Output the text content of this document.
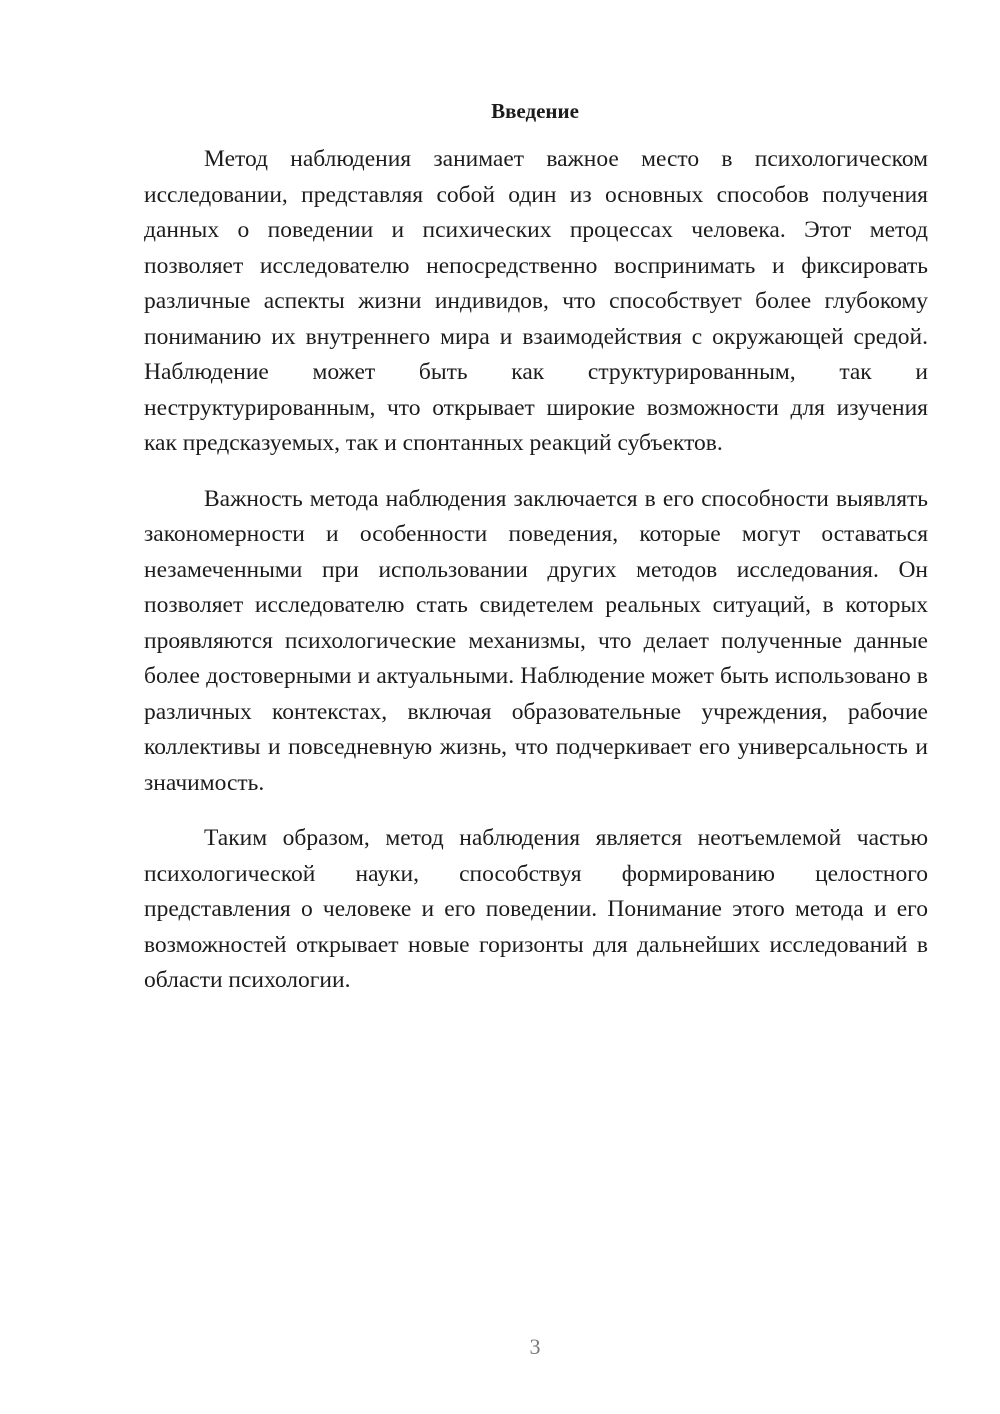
Введение

Метод наблюдения занимает важное место в психологическом исследовании, представляя собой один из основных способов получения данных о поведении и психических процессах человека. Этот метод позволяет исследователю непосредственно воспринимать и фиксировать различные аспекты жизни индивидов, что способствует более глубокому пониманию их внутреннего мира и взаимодействия с окружающей средой. Наблюдение может быть как структурированным, так и неструктурированным, что открывает широкие возможности для изучения как предсказуемых, так и спонтанных реакций субъектов.

Важность метода наблюдения заключается в его способности выявлять закономерности и особенности поведения, которые могут оставаться незамеченными при использовании других методов исследования. Он позволяет исследователю стать свидетелем реальных ситуаций, в которых проявляются психологические механизмы, что делает полученные данные более достоверными и актуальными. Наблюдение может быть использовано в различных контекстах, включая образовательные учреждения, рабочие коллективы и повседневную жизнь, что подчеркивает его универсальность и значимость.

Таким образом, метод наблюдения является неотъемлемой частью психологической науки, способствуя формированию целостного представления о человеке и его поведении. Понимание этого метода и его возможностей открывает новые горизонты для дальнейших исследований в области психологии.

3
